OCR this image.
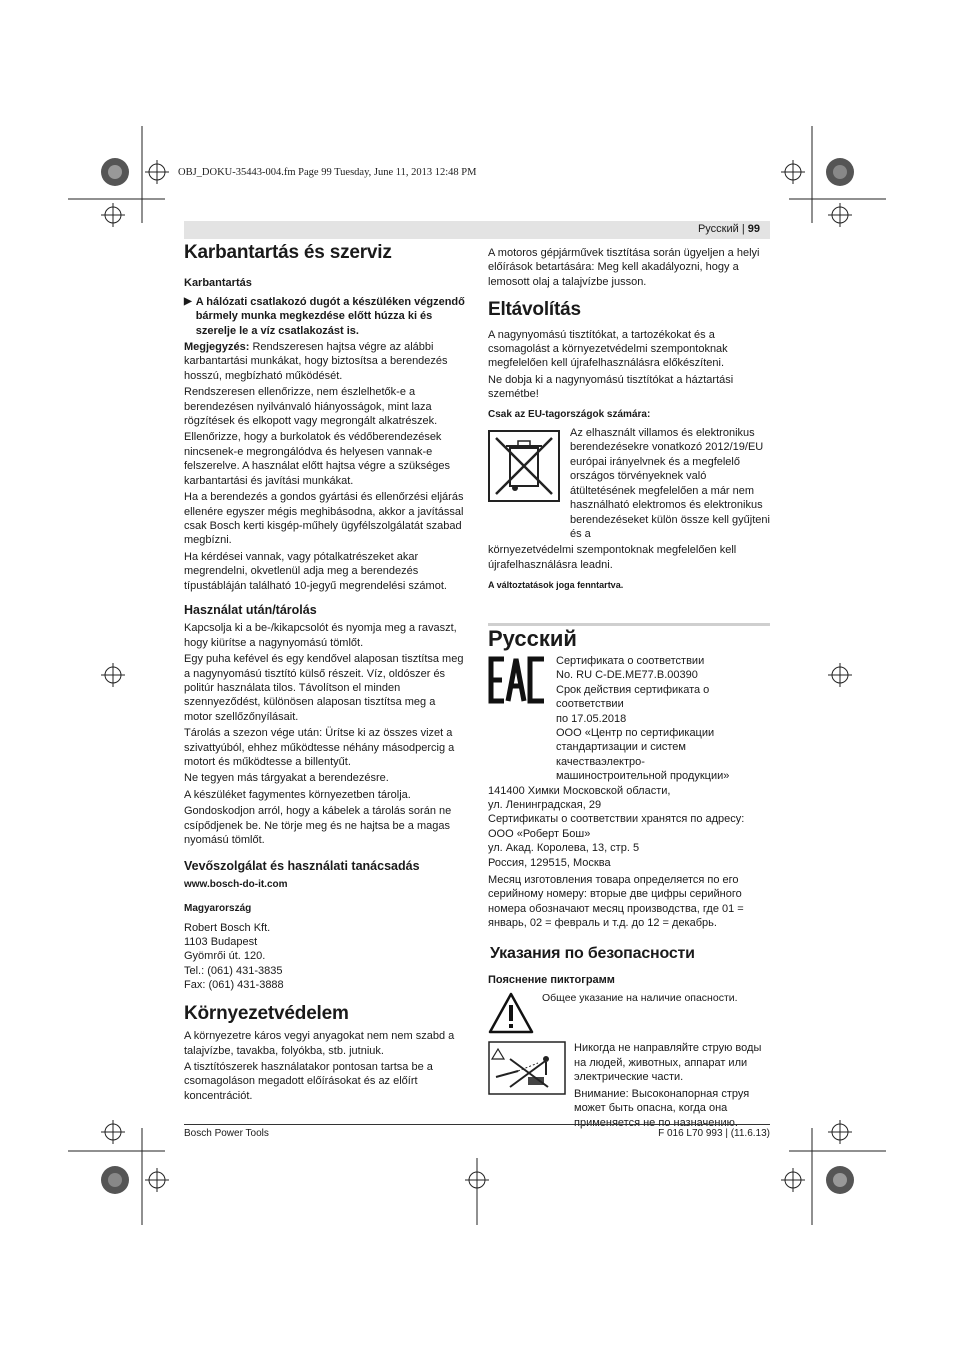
OBJ_DOKU-35443-004.fm Page 99 Tuesday, June 11, 2013 12:48 PM
Русский | 99
Karbantartás és szerviz
Karbantartás
▶ A hálózati csatlakozó dugót a készüléken végzendő bármely munka megkezdése előtt húzza ki és szerelje le a víz csatlakozást is.

Megjegyzés: Rendszeresen hajtsa végre az alábbi karbantartási munkákat, hogy biztosítsa a berendezés hosszú, megbízható működését.

Rendszeresen ellenőrizze, nem észlelhetők-e a berendezésen nyilvánvaló hiányosságok, mint laza rögzítések és elkopott vagy megrongált alkatrészek.

Ellenőrizze, hogy a burkolatok és védőberendezések nincsenek-e megrongálódva és helyesen vannak-e felszerelve. A használat előtt hajtsa végre a szükséges karbantartási és javítási munkákat.

Ha a berendezés a gondos gyártási és ellenőrzési eljárás ellenére egyszer mégis meghibásodna, akkor a javítással csak Bosch kerti kisgép-műhely ügyfélszolgálatát szabad megbízni.

Ha kérdései vannak, vagy pótalkatrészeket akar megrendelni, okvetlenül adja meg a berendezés típustábláján található 10-jegyű megrendelési számot.

Használat után/tárolás

Kapcsolja ki a be-/kikapcsolót és nyomja meg a ravaszt, hogy kiürítse a nagynyomású tömlőt.

Egy puha kefével és egy kendővel alaposan tisztítsa meg a nagynyomású tisztító külső részeit. Víz, oldószer és politúr használata tilos. Távolítson el minden szennyeződést, különösen alaposan tisztítsa meg a motor szellőzőnyílásait.

Tárolás a szezon vége után: Ürítse ki az összes vizet a szivattyúból, ehhez működtesse néhány másodpercig a motort és működtesse a billentyűt.

Ne tegyen más tárgyakat a berendezésre.

A készüléket fagymentes környezetben tárolja.

Gondoskodjon arról, hogy a kábelek a tárolás során ne csípődjenek be. Ne törje meg és ne hajtsa be a magas nyomású tömlőt.

Vevőszolgálat és használati tanácsadás
www.bosch-do-it.com
Magyarország
Robert Bosch Kft.
1103 Budapest
Gyömrői út. 120.
Tel.: (061) 431-3835
Fax: (061) 431-3888
Környezetvédelem

A környezetre káros vegyi anyagokat nem nem szabd a talajvízbe, tavakba, folyókba, stb. jutniuk.

A tisztítószerek használatakor pontosan tartsa be a csomagoláson megadott előírásokat és az előírt koncentrációt.

A motoros gépjárművek tisztítása során ügyeljen a helyi előírások betartására: Meg kell akadályozni, hogy a lemosott olaj a talajvízbe jusson.

Eltávolítás

A nagynyomású tisztítókat, a tartozékokat és a csomagolást a környezetvédelmi szempontoknak megfelelően kell újrafelhasználásra előkészíteni.

Ne dobja ki a nagynyomású tisztítókat a háztartási szemétbe!

Csak az EU-tagországok számára:

Az elhasznált villamos és elektronikus berendezésekre vonatkozó 2012/19/EU európai irányelvnek és a megfelelő országos törvényeknek való átültetésének megfelelően a már nem használható elektromos és elektronikus berendezéseket külön össze kell gyűjteni és a

környezetvédelmi szempontoknak megfelelően kell újrafelhasználásra leadni.

A változtatások joga fenntartva.
Русский
Сертификата о соответствии
No. RU C-DE.ME77.B.00390
Срок действия сертификата о соответствии
по 17.05.2018
ООО «Центр по сертификации
стандартизации и систем качестваэлектро-
машиностроительной продукции»
141400 Химки Московской области,
ул. Ленинградская, 29
Сертификаты о соответствии хранятся по адресу:
ООО «Роберт Бош»
ул. Акад. Королева, 13, стр. 5
Россия, 129515, Москва

Месяц изготовления товара определяется по его серийному номеру: вторые две цифры серийного номера обозначают месяц производства, где 01 = январь, 02 = февраль и т.д. до 12 = декабрь.

Указания по безопасности
Пояснение пиктограмм

Общее указание на наличие опасности.

Никогда не направляйте струю воды на людей, животных, аппарат или электрические части.

Внимание: Высоконапорная струя может быть опасна, когда она применяется не по назначению.

Bosch Power Tools	F 016 L70 993 | (11.6.13)
